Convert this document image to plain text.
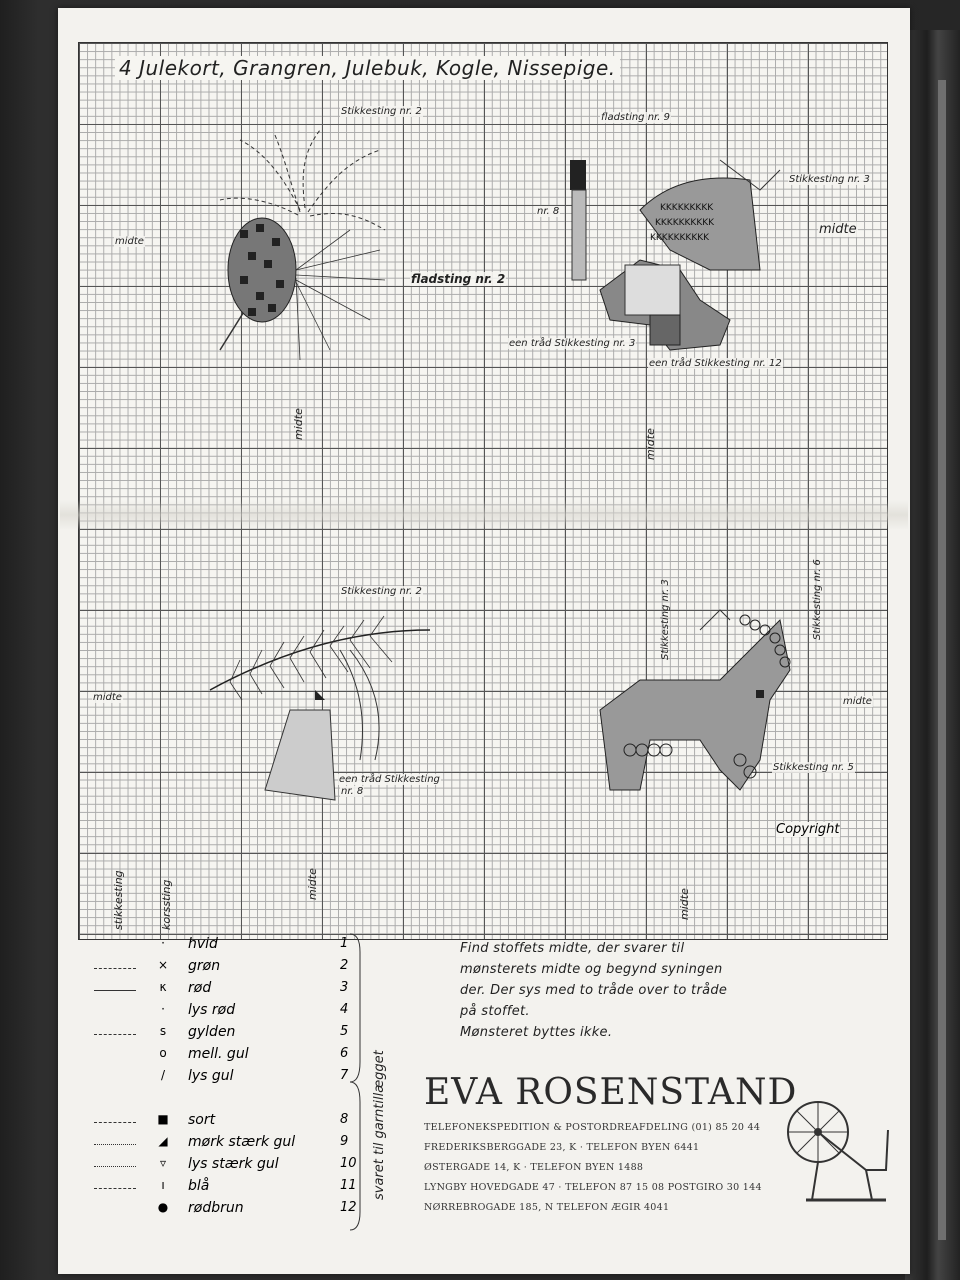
4 Julekort, Grangren, Julebuk, Kogle, Nissepige.
Stikkesting nr. 2
fladsting nr. 2
midte
midte
KKKKKKKKK
KKKKKKKKKK
KKKKKKKKKK
fladsting nr. 9
Stikkesting nr. 3
midte
nr. 8
een tråd Stikkesting nr. 3
een tråd Stikkesting nr. 12
midte
Stikkesting nr. 2
midte
een tråd Stikkesting
nr. 8
midte
Stikkesting nr. 3	Stikkesting nr. 6
midte
Stikkesting nr. 5
midte
Copyright
stikkesting	korssting
·	hvid	1
× grøn	2
κ rød	3
·	lys rød	4
s gylden	5
o mell. gul	6
/	lys gul	7
■ sort	8
◢ mørk stærk gul	9
▿ lys stærk gul	10
ı	blå	11
● rødbrun	12
svaret til garntillægget
Find stoffets midte, der svarer til
mønsterets midte og begynd syningen
der. Der sys med to tråde over to tråde
på stoffet.
Mønsteret byttes ikke.
EVA ROSENSTAND
TELEFONEKSPEDITION & POSTORDREAFDELING (01) 85 20 44
FREDERIKSBERGGADE 23, K · TELEFON BYEN 6441
ØSTERGADE 14, K · TELEFON BYEN 1488
LYNGBY HOVEDGADE 47 · TELEFON 87 15 08 POSTGIRO 30 144
NØRREBROGADE 185, N TELEFON ÆGIR 4041
